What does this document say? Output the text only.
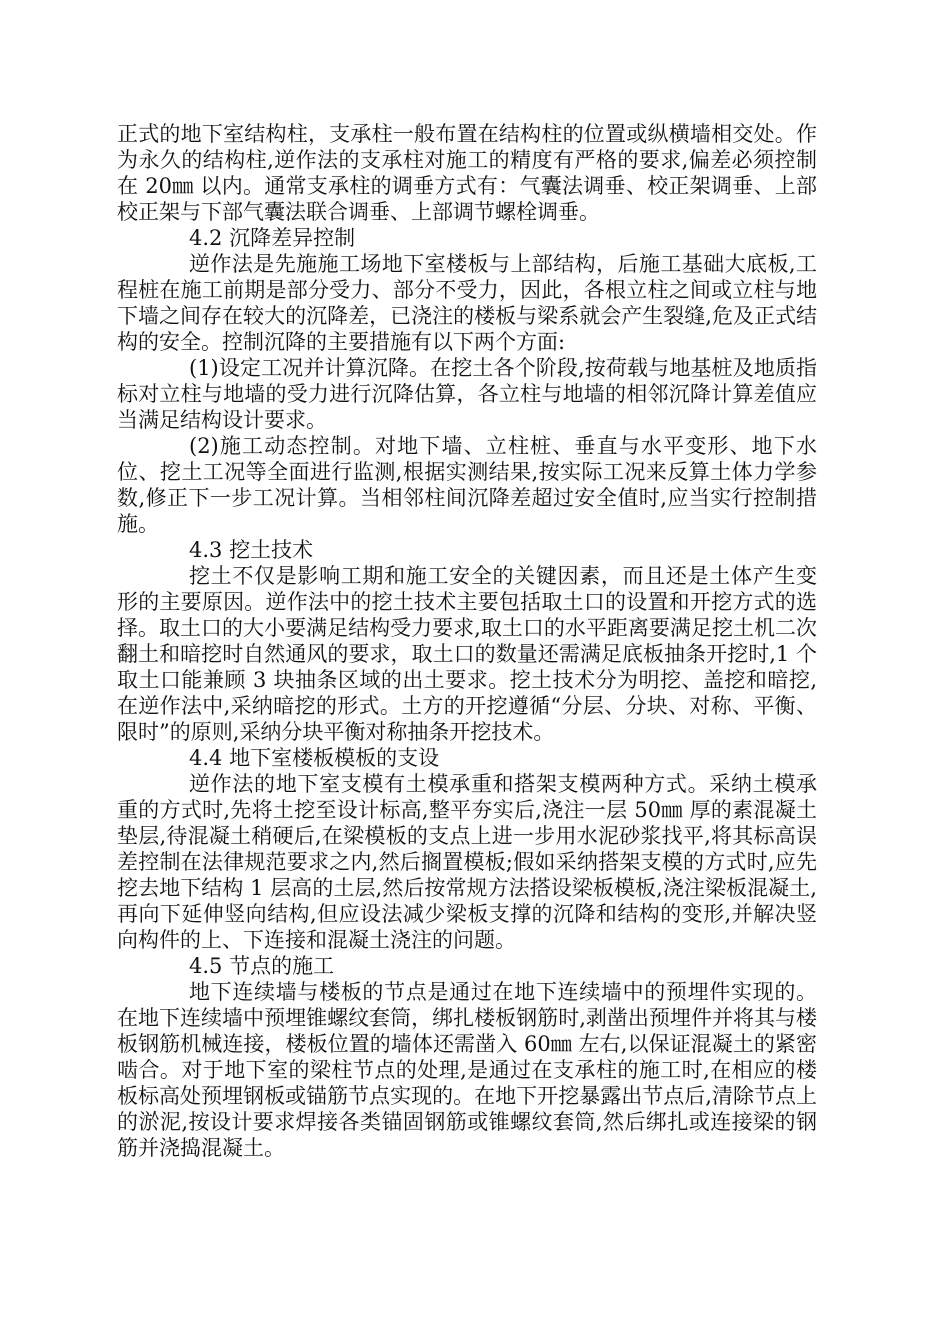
正式的地下室结构柱，支承柱一般布置在结构柱的位置或纵横墙相交处。作为永久的结构柱,逆作法的支承柱对施工的精度有严格的要求,偏差必须控制在 20㎜ 以内。通常支承柱的调垂方式有：气囊法调垂、校正架调垂、上部校正架与下部气囊法联合调垂、上部调节螺栓调垂。

4.2 沉降差异控制

逆作法是先施施工场地下室楼板与上部结构，后施工基础大底板,工程桩在施工前期是部分受力、部分不受力，因此，各根立柱之间或立柱与地下墙之间存在较大的沉降差，已浇注的楼板与梁系就会产生裂缝,危及正式结构的安全。控制沉降的主要措施有以下两个方面:

(1)设定工况并计算沉降。在挖土各个阶段,按荷载与地基桩及地质指标对立柱与地墙的受力进行沉降估算，各立柱与地墙的相邻沉降计算差值应当满足结构设计要求。

(2)施工动态控制。对地下墙、立柱桩、垂直与水平变形、地下水位、挖土工况等全面进行监测,根据实测结果,按实际工况来反算土体力学参数,修正下一步工况计算。当相邻柱间沉降差超过安全值时,应当实行控制措施。

4.3 挖土技术

挖土不仅是影响工期和施工安全的关键因素，而且还是土体产生变形的主要原因。逆作法中的挖土技术主要包括取土口的设置和开挖方式的选择。取土口的大小要满足结构受力要求,取土口的水平距离要满足挖土机二次翻土和暗挖时自然通风的要求，取土口的数量还需满足底板抽条开挖时,1 个取土口能兼顾 3 块抽条区域的出土要求。挖土技术分为明挖、盖挖和暗挖,在逆作法中,采纳暗挖的形式。土方的开挖遵循“分层、分块、对称、平衡、限时”的原则,采纳分块平衡对称抽条开挖技术。

4.4 地下室楼板模板的支设

逆作法的地下室支模有土模承重和搭架支模两种方式。采纳土模承重的方式时,先将土挖至设计标高,整平夯实后,浇注一层 50㎜ 厚的素混凝土垫层,待混凝土稍硬后,在梁模板的支点上进一步用水泥砂浆找平,将其标高误差控制在法律规范要求之内,然后搁置模板;假如采纳搭架支模的方式时,应先挖去地下结构 1 层高的土层,然后按常规方法搭设梁板模板,浇注梁板混凝土,再向下延伸竖向结构,但应设法减少梁板支撑的沉降和结构的变形,并解决竖向构件的上、下连接和混凝土浇注的问题。

4.5 节点的施工

地下连续墙与楼板的节点是通过在地下连续墙中的预埋件实现的。在地下连续墙中预埋锥螺纹套筒，绑扎楼板钢筋时,剥凿出预埋件并将其与楼板钢筋机械连接，楼板位置的墙体还需凿入 60㎜ 左右,以保证混凝土的紧密啮合。对于地下室的梁柱节点的处理,是通过在支承柱的施工时,在相应的楼板标高处预埋钢板或锚筋节点实现的。在地下开挖暴露出节点后,清除节点上的淤泥,按设计要求焊接各类锚固钢筋或锥螺纹套筒,然后绑扎或连接梁的钢筋并浇捣混凝土。
